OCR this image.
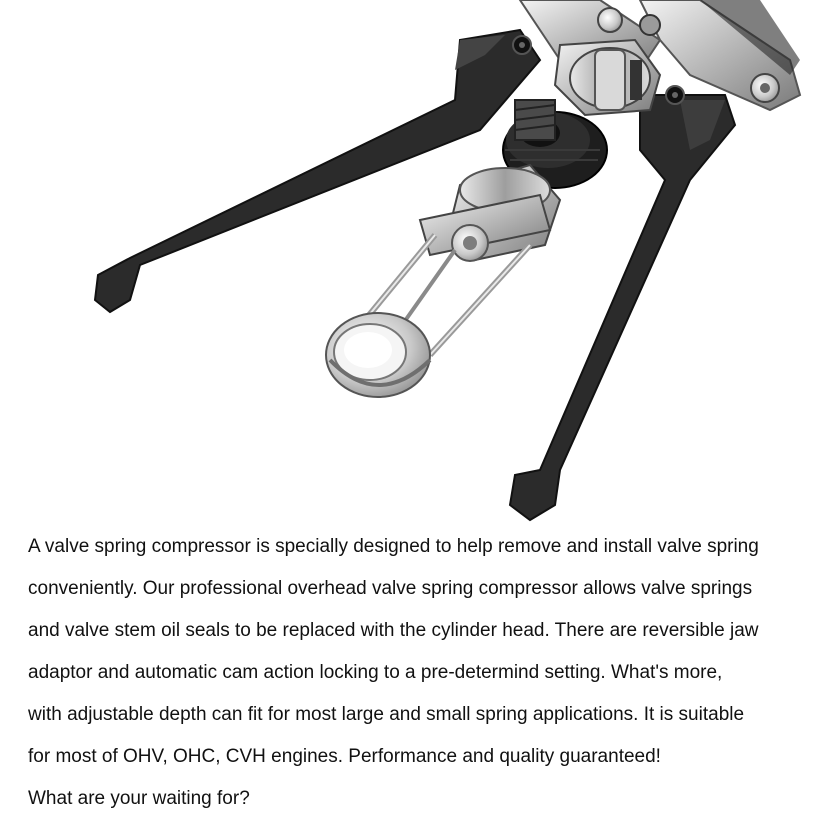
A valve spring compressor is specially designed to help remove and install valve spring
conveniently. Our professional overhead valve spring compressor allows valve springs
and valve stem oil seals to be replaced with the cylinder head. There are reversible jaw
adaptor and automatic cam action locking to a pre-determind setting. What's more,
with adjustable depth can fit for most large and small spring applications. It is suitable
for most of OHV, OHC, CVH engines. Performance and quality guaranteed!
What are your waiting for?
